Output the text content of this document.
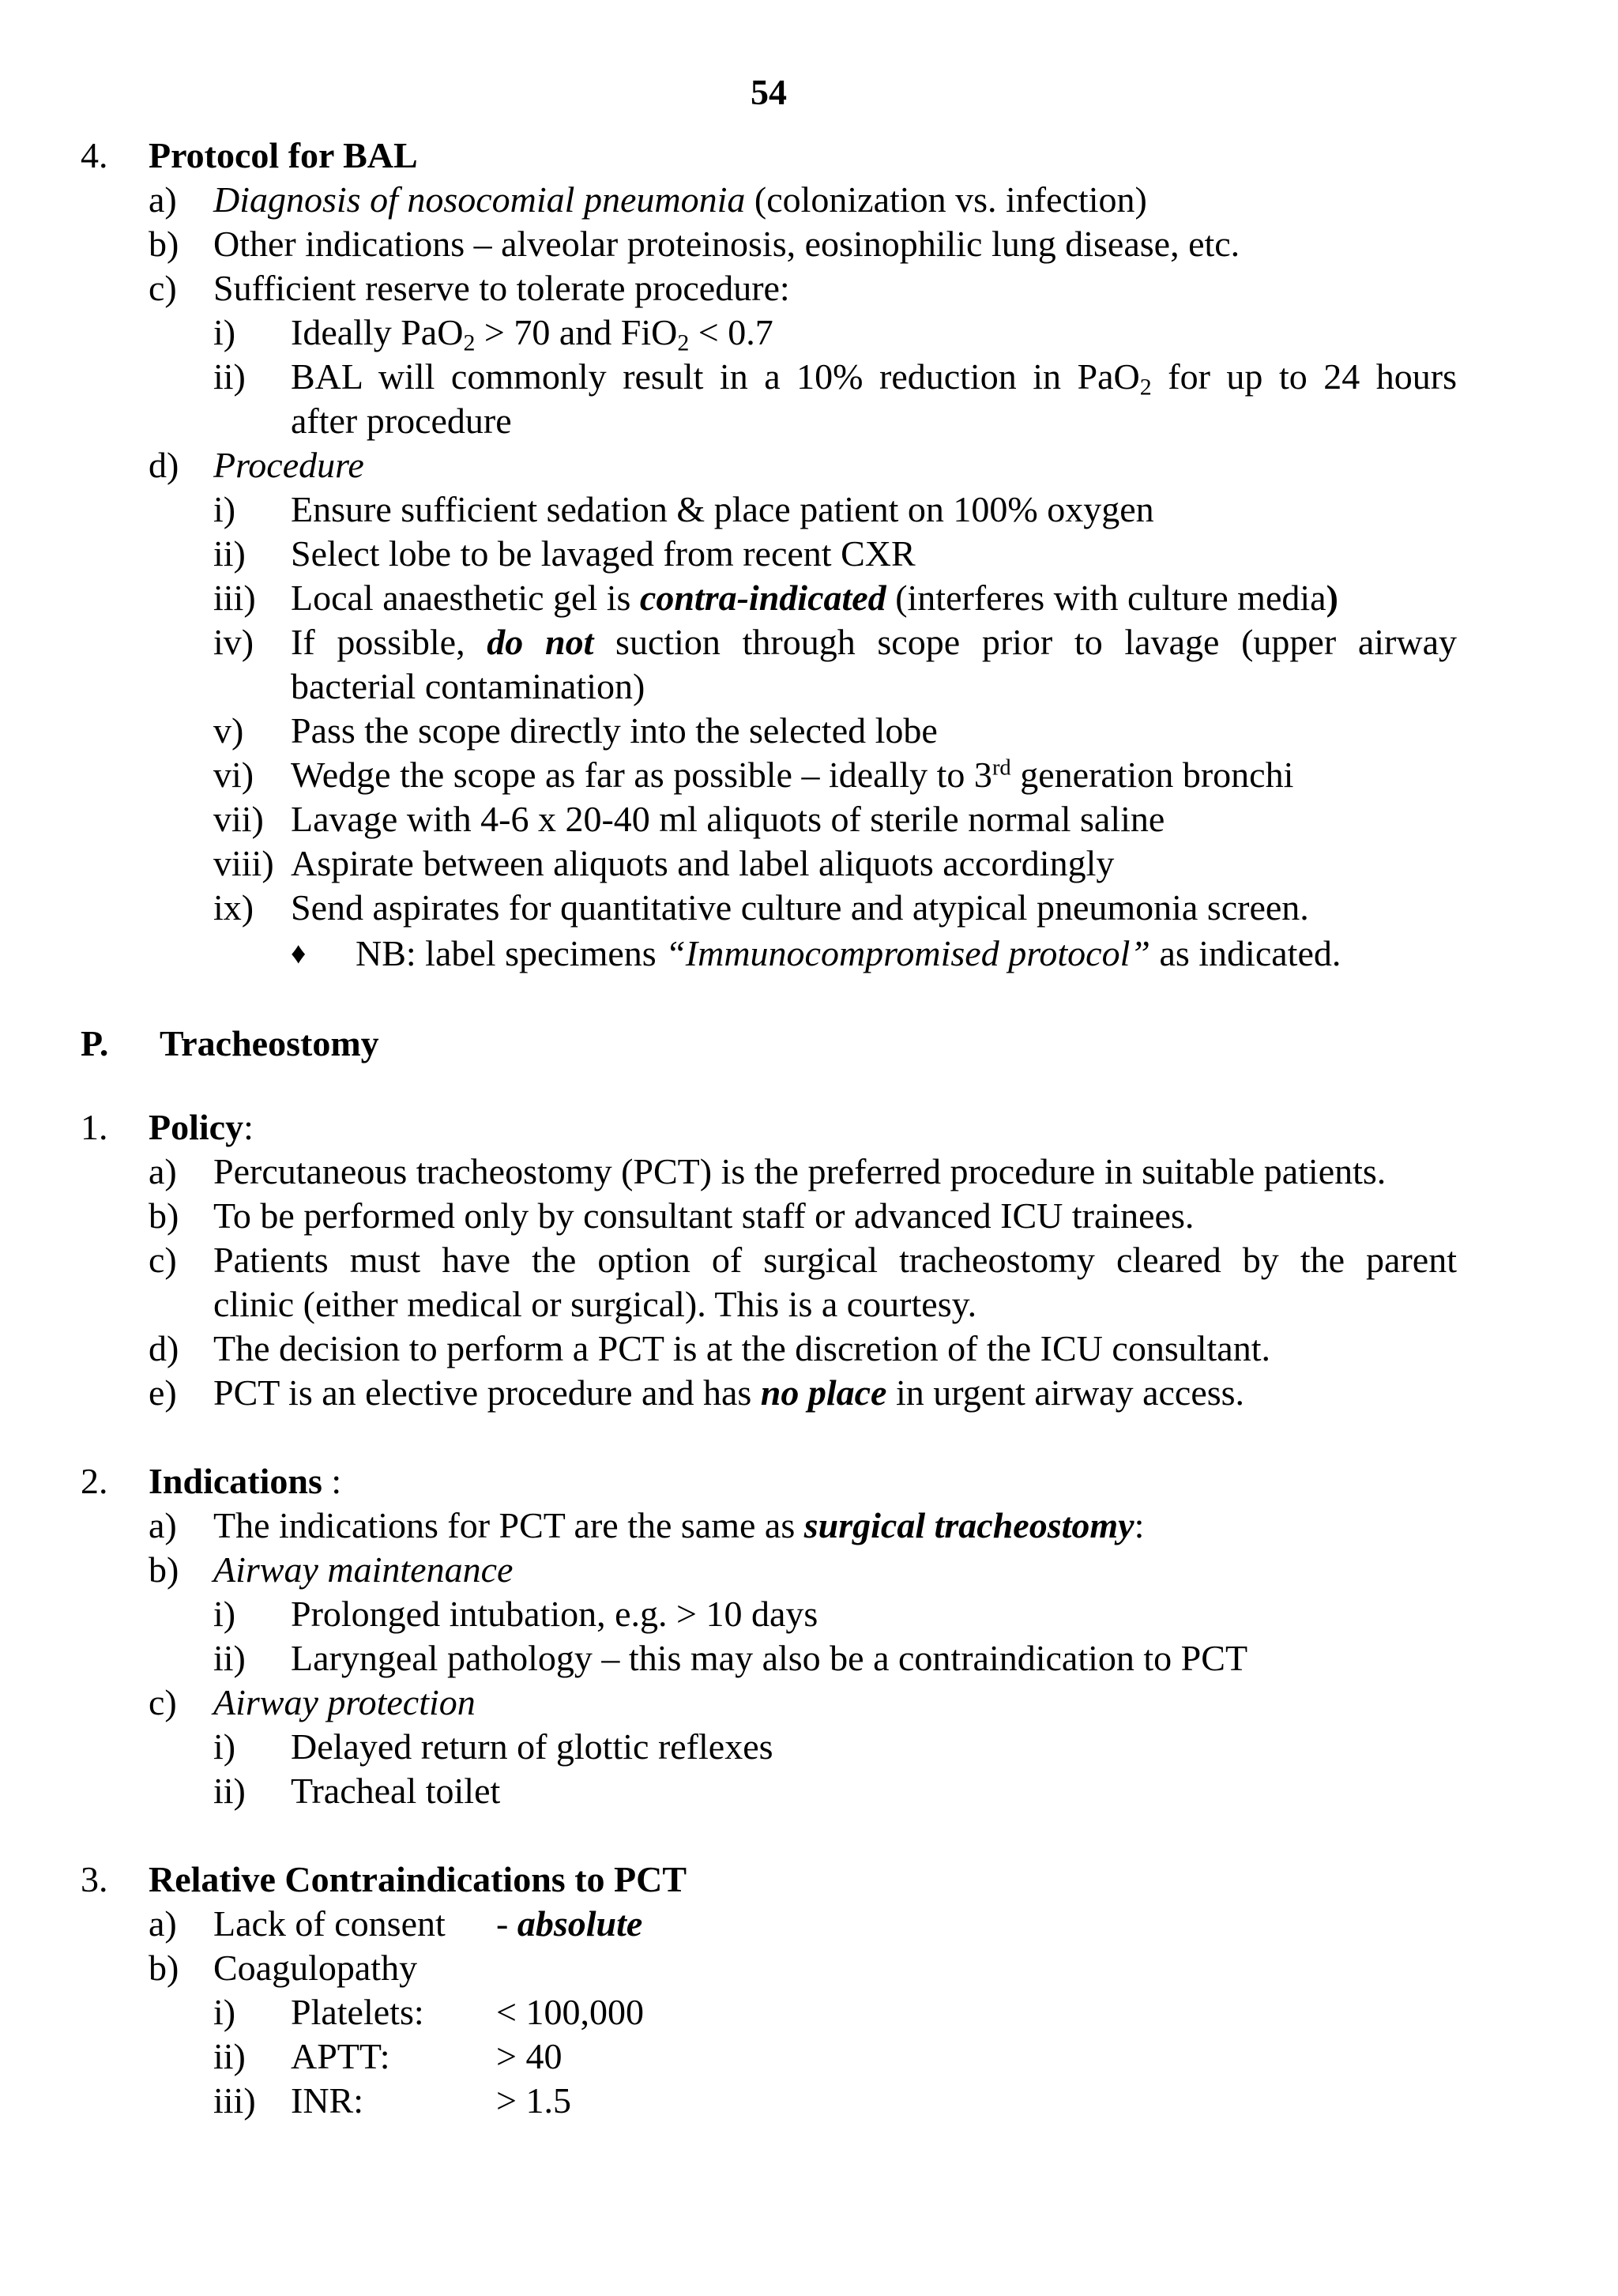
54
4. Protocol for BAL
a) Diagnosis of nosocomial pneumonia (colonization vs. infection)
b) Other indications – alveolar proteinosis, eosinophilic lung disease, etc.
c) Sufficient reserve to tolerate procedure:
i) Ideally PaO$_2$ > 70 and FiO$_2$ < 0.7
ii) BAL will commonly result in a 10% reduction in PaO$_2$ for up to 24 hours
after procedure
d) Procedure
i) Ensure sufficient sedation & place patient on 100% oxygen
ii) Select lobe to be lavaged from recent CXR
iii) Local anaesthetic gel is contra-indicated (interferes with culture media)
iv) If possible, do not suction through scope prior to lavage (upper airway
bacterial contamination)
v) Pass the scope directly into the selected lobe
vi) Wedge the scope as far as possible – ideally to 3rd generation bronchi
vii) Lavage with 4-6 x 20-40 ml aliquots of sterile normal saline
viii) Aspirate between aliquots and label aliquots accordingly
ix) Send aspirates for quantitative culture and atypical pneumonia screen.
♦ NB: label specimens “Immunocompromised protocol” as indicated.
P. Tracheostomy
1. Policy:
a) Percutaneous tracheostomy (PCT) is the preferred procedure in suitable patients.
b) To be performed only by consultant staff or advanced ICU trainees.
c) Patients must have the option of surgical tracheostomy cleared by the parent
clinic (either medical or surgical). This is a courtesy.
d) The decision to perform a PCT is at the discretion of the ICU consultant.
e) PCT is an elective procedure and has no place in urgent airway access.
2. Indications :
a) The indications for PCT are the same as surgical tracheostomy:
b) Airway maintenance
i) Prolonged intubation, e.g. > 10 days
ii) Laryngeal pathology – this may also be a contraindication to PCT
c) Airway protection
i) Delayed return of glottic reflexes
ii) Tracheal toilet
3. Relative Contraindications to PCT
a) Lack of consent - absolute
b) Coagulopathy
i) Platelets: < 100,000
ii) APTT:	> 40
iii) INR:	> 1.5
